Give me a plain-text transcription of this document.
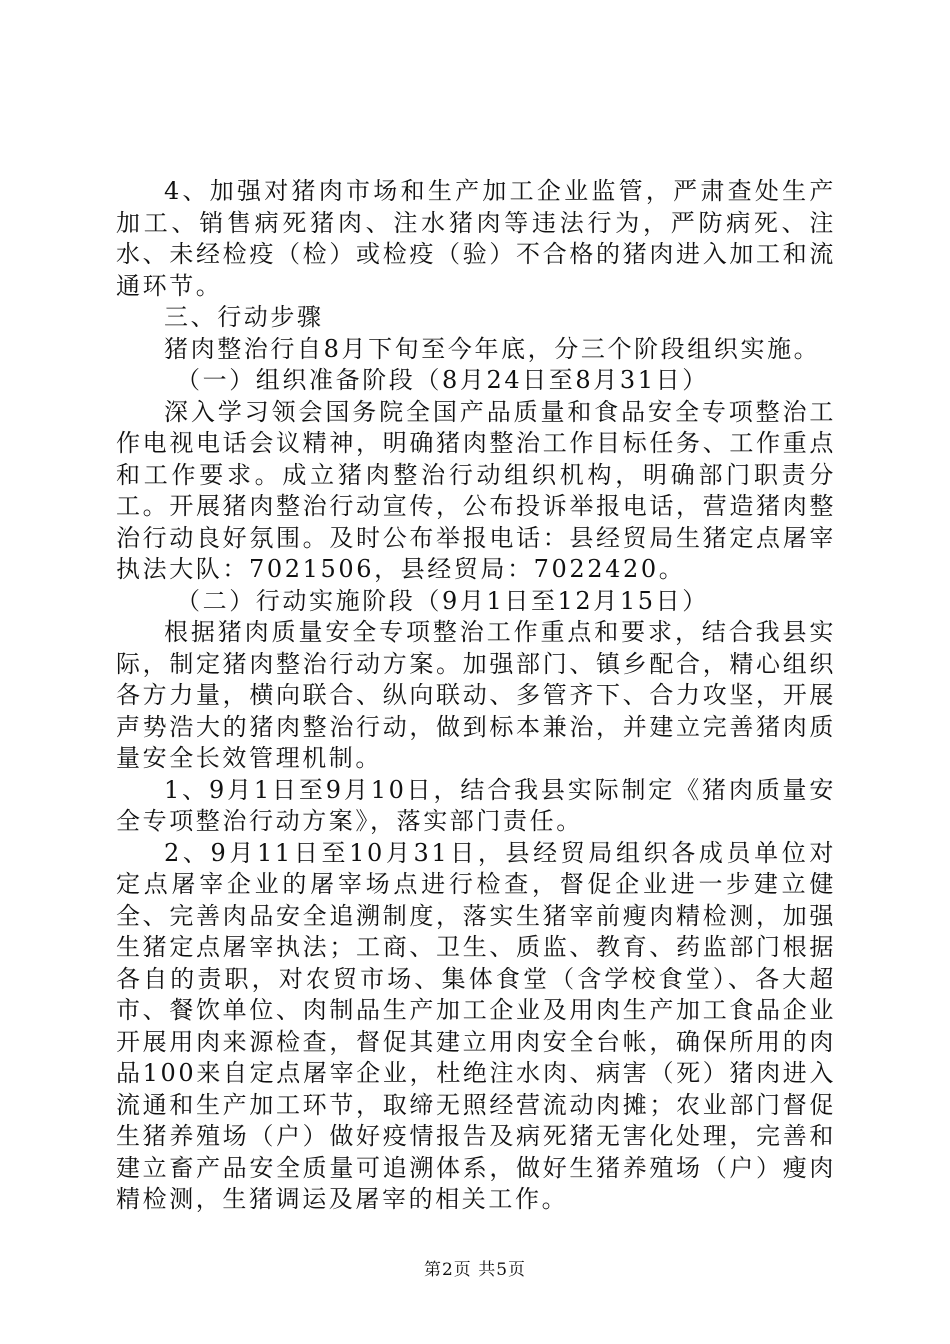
4、加强对猪肉市场和生产加工企业监管，严肃查处生产加工、销售病死猪肉、注水猪肉等违法行为，严防病死、注水、未经检疫（检）或检疫（验）不合格的猪肉进入加工和流通环节。

三、行动步骤

猪肉整治行自8月下旬至今年底，分三个阶段组织实施。

（一）组织准备阶段（8月24日至8月31日）

深入学习领会国务院全国产品质量和食品安全专项整治工作电视电话会议精神，明确猪肉整治工作目标任务、工作重点和工作要求。成立猪肉整治行动组织机构，明确部门职责分工。开展猪肉整治行动宣传，公布投诉举报电话，营造猪肉整治行动良好氛围。及时公布举报电话：县经贸局生猪定点屠宰执法大队：7021506，县经贸局：7022420。

（二）行动实施阶段（9月1日至12月15日）

根据猪肉质量安全专项整治工作重点和要求，结合我县实际，制定猪肉整治行动方案。加强部门、镇乡配合，精心组织各方力量，横向联合、纵向联动、多管齐下、合力攻坚，开展声势浩大的猪肉整治行动，做到标本兼治，并建立完善猪肉质量安全长效管理机制。

1、9月1日至9月10日，结合我县实际制定《猪肉质量安全专项整治行动方案》，落实部门责任。

2、9月11日至10月31日，县经贸局组织各成员单位对定点屠宰企业的屠宰场点进行检查，督促企业进一步建立健全、完善肉品安全追溯制度，落实生猪宰前瘦肉精检测，加强生猪定点屠宰执法；工商、卫生、质监、教育、药监部门根据各自的责职，对农贸市场、集体食堂（含学校食堂）、各大超市、餐饮单位、肉制品生产加工企业及用肉生产加工食品企业开展用肉来源检查，督促其建立用肉安全台帐，确保所用的肉品100来自定点屠宰企业，杜绝注水肉、病害（死）猪肉进入流通和生产加工环节，取缔无照经营流动肉摊；农业部门督促生猪养殖场（户）做好疫情报告及病死猪无害化处理，完善和建立畜产品安全质量可追溯体系，做好生猪养殖场（户）瘦肉精检测，生猪调运及屠宰的相关工作。

第2页 共5页
